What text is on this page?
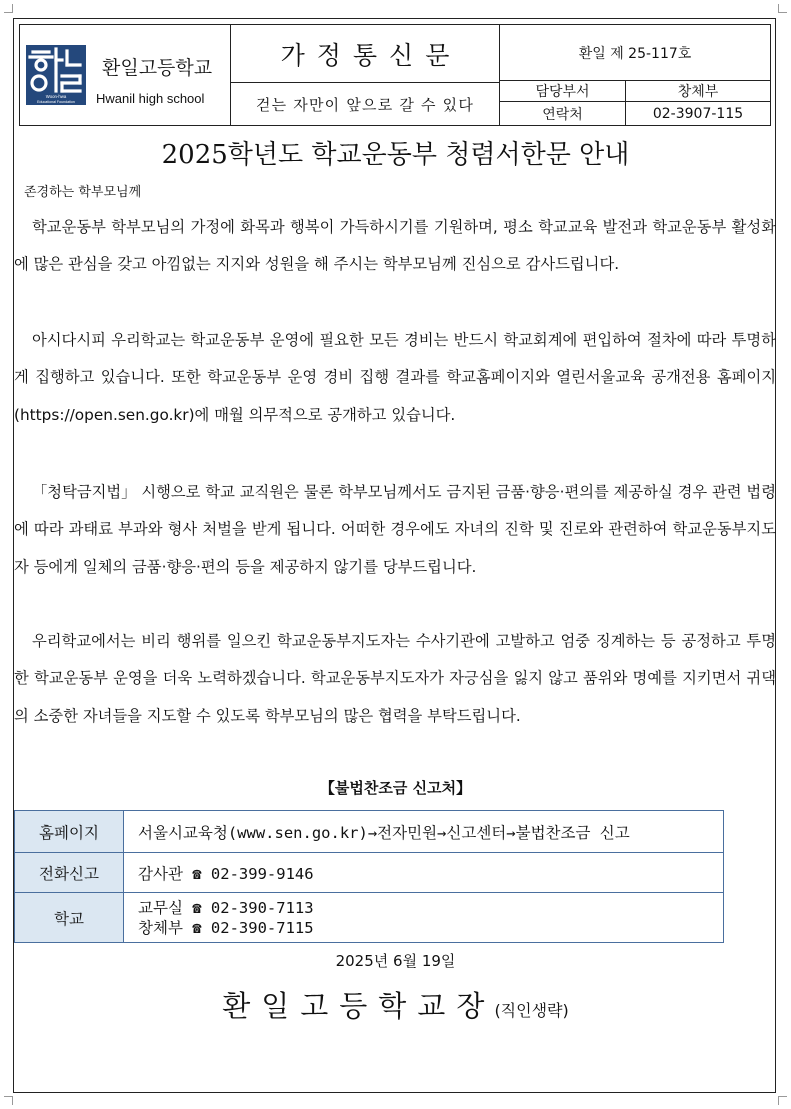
Woon-hwa
Educational Foundation
환일고등학교
Hwanil high school
가정통신문
걷는 자만이 앞으로 갈 수 있다
환일 제 25-117호
담당부서	창체부
연락처	02-3907-115
2025학년도 학교운동부 청렴서한문 안내
존경하는 학부모님께

학교운동부 학부모님의 가정에 화목과 행복이 가득하시기를 기원하며, 평소 학교교육 발전과 학교운동부 활성화에 많은 관심을 갖고 아낌없는 지지와 성원을 해 주시는 학부모님께 진심으로 감사드립니다.

아시다시피 우리학교는 학교운동부 운영에 필요한 모든 경비는 반드시 학교회계에 편입하여 절차에 따라 투명하게 집행하고 있습니다. 또한 학교운동부 운영 경비 집행 결과를 학교홈페이지와 열린서울교육 공개전용 홈페이지(https://open.sen.go.kr)에 매월 의무적으로 공개하고 있습니다.

「청탁금지법」 시행으로 학교 교직원은 물론 학부모님께서도 금지된 금품·향응·편의를 제공하실 경우 관련 법령에 따라 과태료 부과와 형사 처벌을 받게 됩니다. 어떠한 경우에도 자녀의 진학 및 진로와 관련하여 학교운동부지도자 등에게 일체의 금품·향응·편의 등을 제공하지 않기를 당부드립니다.

우리학교에서는 비리 행위를 일으킨 학교운동부지도자는 수사기관에 고발하고 엄중 징계하는 등 공정하고 투명한 학교운동부 운영을 더욱 노력하겠습니다. 학교운동부지도자가 자긍심을 잃지 않고 품위와 명예를 지키면서 귀댁의 소중한 자녀들을 지도할 수 있도록 학부모님의 많은 협력을 부탁드립니다.

【불법찬조금 신고처】
홈페이지	서울시교육청(www.sen.go.kr)→전자민원→신고센터→불법찬조금 신고
전화신고	감사관 ☎ 02-399-9146
학교	교무실 ☎ 02-390-7113
창체부 ☎ 02-390-7115
2025년 6월 19일
환일고등학교장 (직인생략)
